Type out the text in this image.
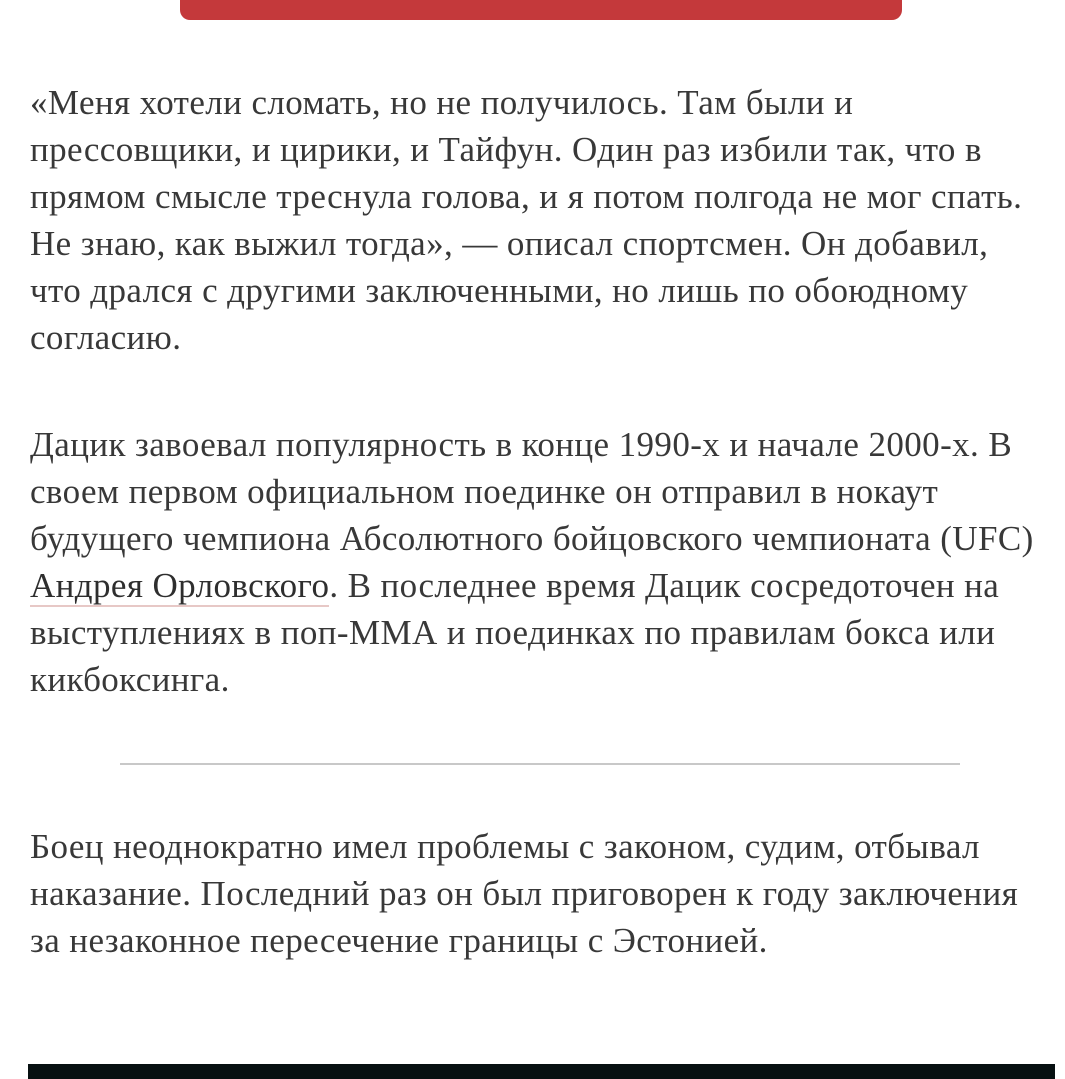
«Меня хотели сломать, но не получилось. Там были и прессовщики, и цирики, и Тайфун. Один раз избили так, что в прямом смысле треснула голова, и я потом полгода не мог спать. Не знаю, как выжил тогда», — описал спортсмен. Он добавил, что дрался с другими заключенными, но лишь по обоюдному согласию.

Дацик завоевал популярность в конце 1990-х и начале 2000-х. В своем первом официальном поединке он отправил в нокаут будущего чемпиона Абсолютного бойцовского чемпионата (UFC) Андрея Орловского. В последнее время Дацик сосредоточен на выступлениях в поп-ММА и поединках по правилам бокса или кикбоксинга.

Боец неоднократно имел проблемы с законом, судим, отбывал наказание. Последний раз он был приговорен к году заключения за незаконное пересечение границы с Эстонией.
